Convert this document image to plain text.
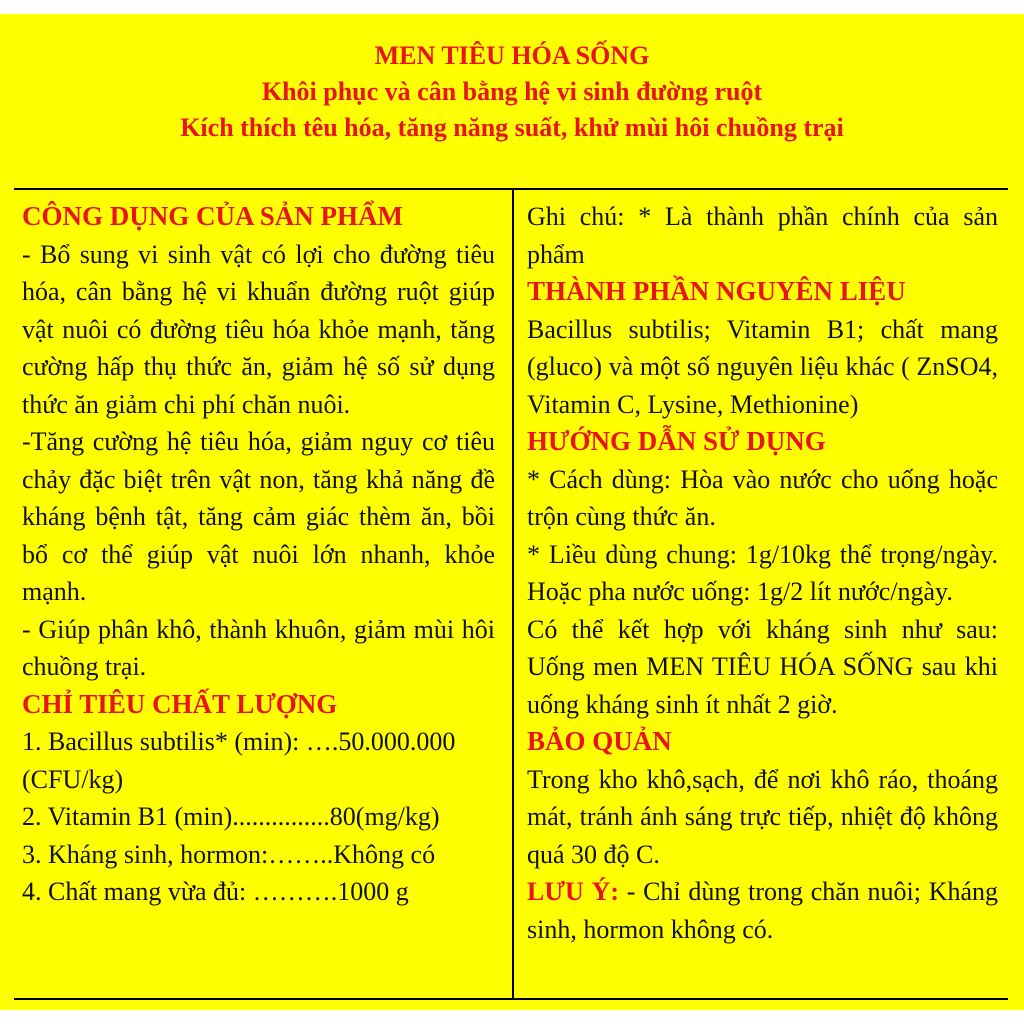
MEN TIÊU HÓA SỐNG
Khôi phục và cân bằng hệ vi sinh đường ruột
Kích thích têu hóa, tăng năng suất, khử mùi hôi chuồng trại
CÔNG DỤNG CỦA SẢN PHẨM

- Bổ sung vi sinh vật có lợi cho đường tiêu hóa, cân bằng hệ vi khuẩn đường ruột giúp vật nuôi có đường tiêu hóa khỏe mạnh, tăng cường hấp thụ thức ăn, giảm hệ số sử dụng thức ăn giảm chi phí chăn nuôi.

-Tăng cường hệ tiêu hóa, giảm nguy cơ tiêu chảy đặc biệt trên vật non, tăng khả năng đề kháng bệnh tật, tăng cảm giác thèm ăn, bồi bổ cơ thể giúp vật nuôi lớn nhanh, khỏe mạnh.

- Giúp phân khô, thành khuôn, giảm mùi hôi chuồng trại.

CHỈ TIÊU CHẤT LƯỢNG

1. Bacillus subtilis* (min): ….50.000.000 (CFU/kg)

2. Vitamin B1 (min)...............80(mg/kg)

3. Kháng sinh, hormon:……..Không có

4. Chất mang vừa đủ: ……….1000 g

Ghi chú: * Là thành phần chính của sản phẩm

THÀNH PHẦN NGUYÊN LIỆU

Bacillus subtilis; Vitamin B1; chất mang (gluco) và một số nguyên liệu khác ( ZnSO4, Vitamin C, Lysine, Methionine)

HƯỚNG DẪN SỬ DỤNG

* Cách dùng: Hòa vào nước cho uống hoặc trộn cùng thức ăn.

* Liều dùng chung: 1g/10kg thể trọng/ngày. Hoặc pha nước uống: 1g/2 lít nước/ngày.

Có thể kết hợp với kháng sinh như sau: Uống men MEN TIÊU HÓA SỐNG sau khi uống kháng sinh ít nhất 2 giờ.

BẢO QUẢN

Trong kho khô,sạch, để nơi khô ráo, thoáng mát, tránh ánh sáng trực tiếp, nhiệt độ không quá 30 độ C.

LƯU Ý: - Chỉ dùng trong chăn nuôi; Kháng sinh, hormon không có.
